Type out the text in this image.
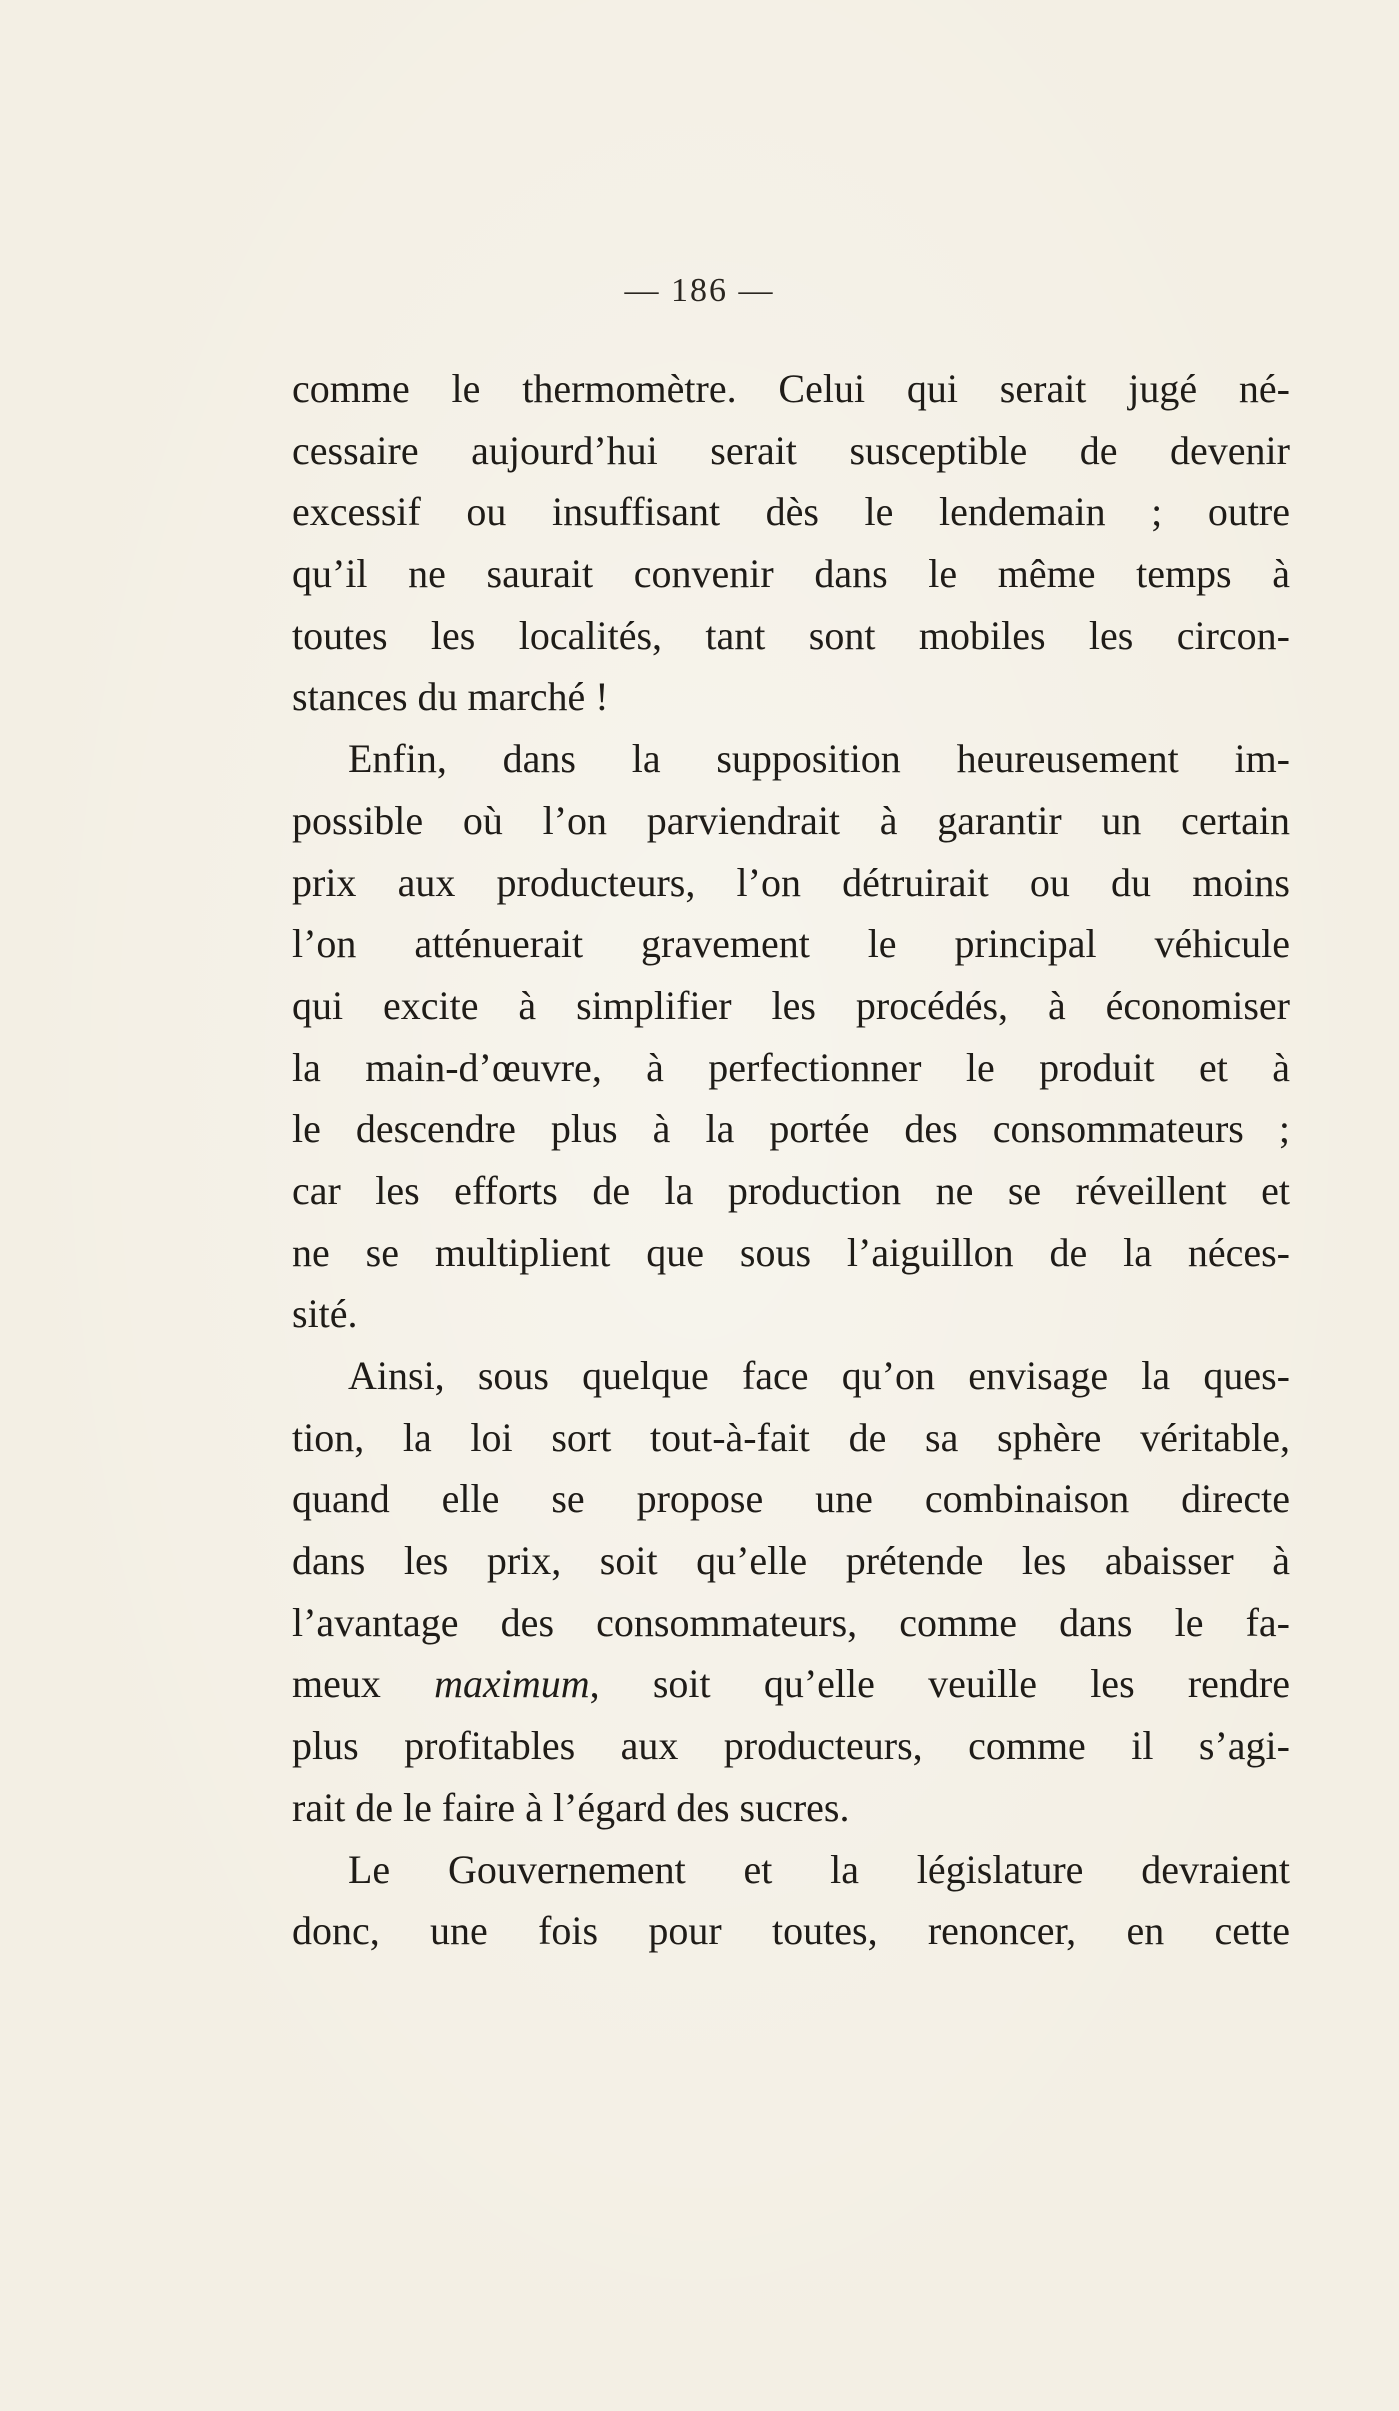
— 186 —
comme le thermomètre. Celui qui serait jugé né-
cessaire aujourd’hui serait susceptible de devenir
excessif ou insuffisant dès le lendemain ; outre
qu’il ne saurait convenir dans le même temps à
toutes les localités, tant sont mobiles les circon-
stances du marché !
Enfin, dans la supposition heureusement im-
possible où l’on parviendrait à garantir un certain
prix aux producteurs, l’on détruirait ou du moins
l’on atténuerait gravement le principal véhicule
qui excite à simplifier les procédés, à économiser
la main-d’œuvre, à perfectionner le produit et à
le descendre plus à la portée des consommateurs ;
car les efforts de la production ne se réveillent et
ne se multiplient que sous l’aiguillon de la néces-
sité.
Ainsi, sous quelque face qu’on envisage la ques-
tion, la loi sort tout-à-fait de sa sphère véritable,
quand elle se propose une combinaison directe
dans les prix, soit qu’elle prétende les abaisser à
l’avantage des consommateurs, comme dans le fa-
meux maximum, soit qu’elle veuille les rendre
plus profitables aux producteurs, comme il s’agi-
rait de le faire à l’égard des sucres.
Le Gouvernement et la législature devraient
donc, une fois pour toutes, renoncer, en cette
